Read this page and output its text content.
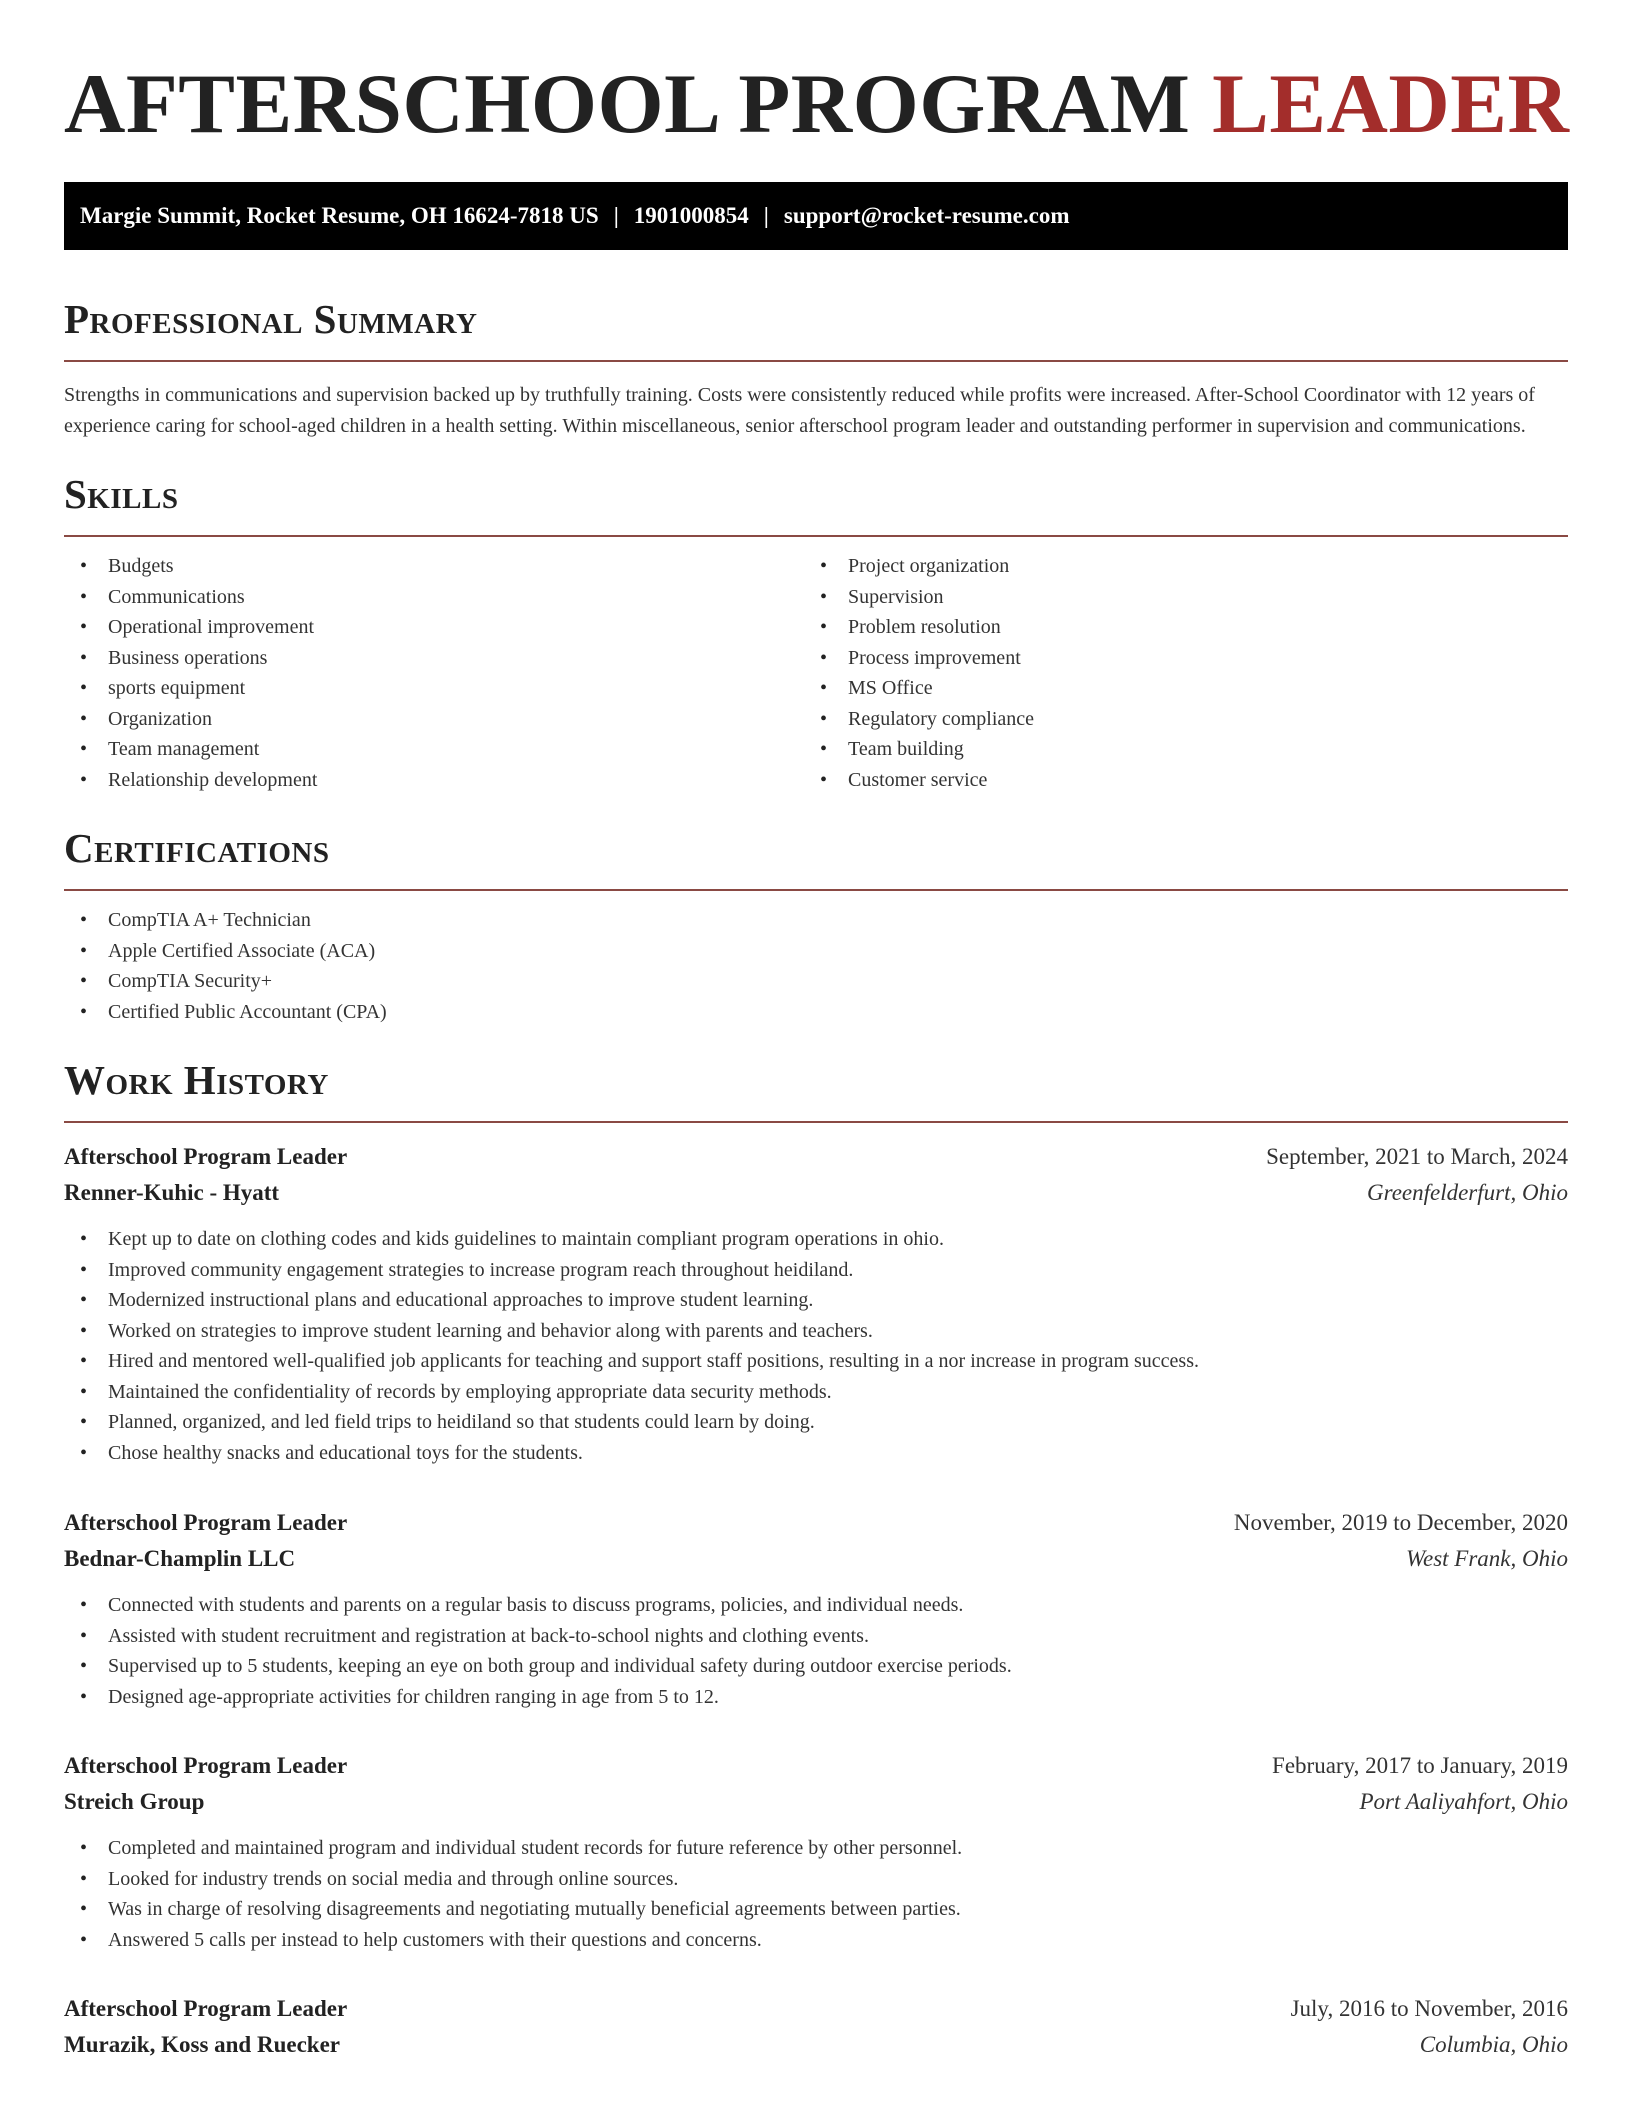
AFTERSCHOOL PROGRAM LEADER
Margie Summit, Rocket Resume, OH 16624-7818 US | 1901000854 | support@rocket-resume.com
Professional Summary

Strengths in communications and supervision backed up by truthfully training. Costs were consistently reduced while profits were increased. After-School Coordinator with 12 years of experience caring for school-aged children in a health setting. Within miscellaneous, senior afterschool program leader and outstanding performer in supervision and communications.

Skills
• Budgets
• Communications
• Operational improvement
• Business operations
• sports equipment
• Organization
• Team management
• Relationship development
• Project organization
• Supervision
• Problem resolution
• Process improvement
• MS Office
• Regulatory compliance
• Team building
• Customer service
Certifications
• CompTIA A+ Technician
• Apple Certified Associate (ACA)
• CompTIA Security+
• Certified Public Accountant (CPA)
Work History
Afterschool Program Leader	September, 2021 to March, 2024
Renner-Kuhic - Hyatt	Greenfelderfurt, Ohio
• Kept up to date on clothing codes and kids guidelines to maintain compliant program operations in ohio.
• Improved community engagement strategies to increase program reach throughout heidiland.
• Modernized instructional plans and educational approaches to improve student learning.
• Worked on strategies to improve student learning and behavior along with parents and teachers.
• Hired and mentored well-qualified job applicants for teaching and support staff positions, resulting in a nor increase in program success.
• Maintained the confidentiality of records by employing appropriate data security methods.
• Planned, organized, and led field trips to heidiland so that students could learn by doing.
• Chose healthy snacks and educational toys for the students.
Afterschool Program Leader	November, 2019 to December, 2020
Bednar-Champlin LLC	West Frank, Ohio
• Connected with students and parents on a regular basis to discuss programs, policies, and individual needs.
• Assisted with student recruitment and registration at back-to-school nights and clothing events.
• Supervised up to 5 students, keeping an eye on both group and individual safety during outdoor exercise periods.
• Designed age-appropriate activities for children ranging in age from 5 to 12.
Afterschool Program Leader	February, 2017 to January, 2019
Streich Group	Port Aaliyahfort, Ohio
• Completed and maintained program and individual student records for future reference by other personnel.
• Looked for industry trends on social media and through online sources.
• Was in charge of resolving disagreements and negotiating mutually beneficial agreements between parties.
• Answered 5 calls per instead to help customers with their questions and concerns.
Afterschool Program Leader	July, 2016 to November, 2016
Murazik, Koss and Ruecker	Columbia, Ohio
